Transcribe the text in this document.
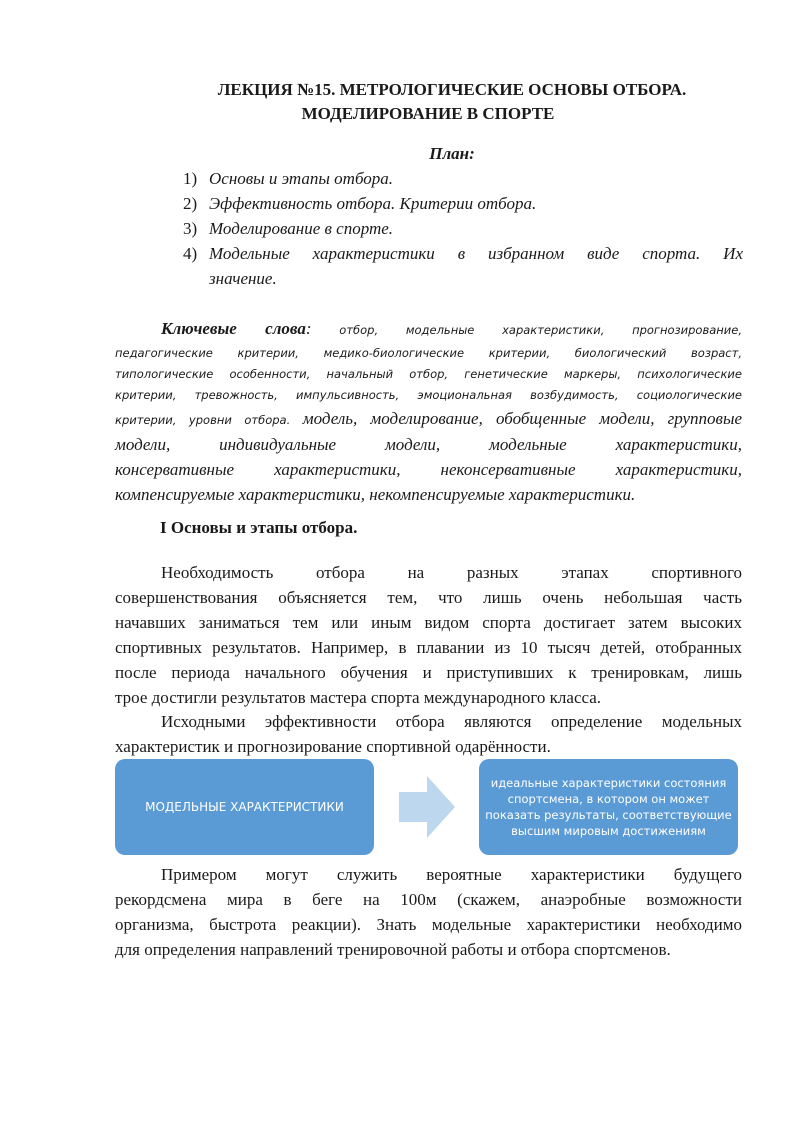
ЛЕКЦИЯ №15. МЕТРОЛОГИЧЕСКИЕ ОСНОВЫ ОТБОРА.
МОДЕЛИРОВАНИЕ В СПОРТЕ
План:
1) Основы и этапы отбора.
2) Эффективность отбора. Критерии отбора.
3) Моделирование в спорте.
4) Модельные характеристики в избранном виде спорта. Их
значение.
Ключевые слова: отбор, модельные характеристики, прогнозирование,
педагогические критерии, медико-биологические критерии, биологический возраст,
типологические особенности, начальный отбор, генетические маркеры, психологические
критерии, тревожность, импульсивность, эмоциональная возбудимость, социологические
критерии, уровни отбора. модель, моделирование, обобщенные модели, групповые
модели, индивидуальные модели, модельные характеристики,
консервативные характеристики, неконсервативные характеристики,
компенсируемые характеристики, некомпенсируемые характеристики.
I Основы и этапы отбора.
Необходимость отбора на разных этапах спортивного
совершенствования объясняется тем, что лишь очень небольшая часть
начавших заниматься тем или иным видом спорта достигает затем высоких
спортивных результатов. Например, в плавании из 10 тысяч детей, отобранных
после периода начального обучения и приступивших к тренировкам, лишь
трое достигли результатов мастера спорта международного класса.
Исходными эффективности отбора являются определение модельных
характеристик и прогнозирование спортивной одарённости.
МОДЕЛЬНЫЕ ХАРАКТЕРИСТИКИ
идеальные характеристики состояния спортсмена, в котором он может показать результаты, соответствующие высшим мировым достижениям
Примером могут служить вероятные характеристики будущего
рекордсмена мира в беге на 100м (скажем, анаэробные возможности
организма, быстрота реакции). Знать модельные характеристики необходимо
для определения направлений тренировочной работы и отбора спортсменов.
